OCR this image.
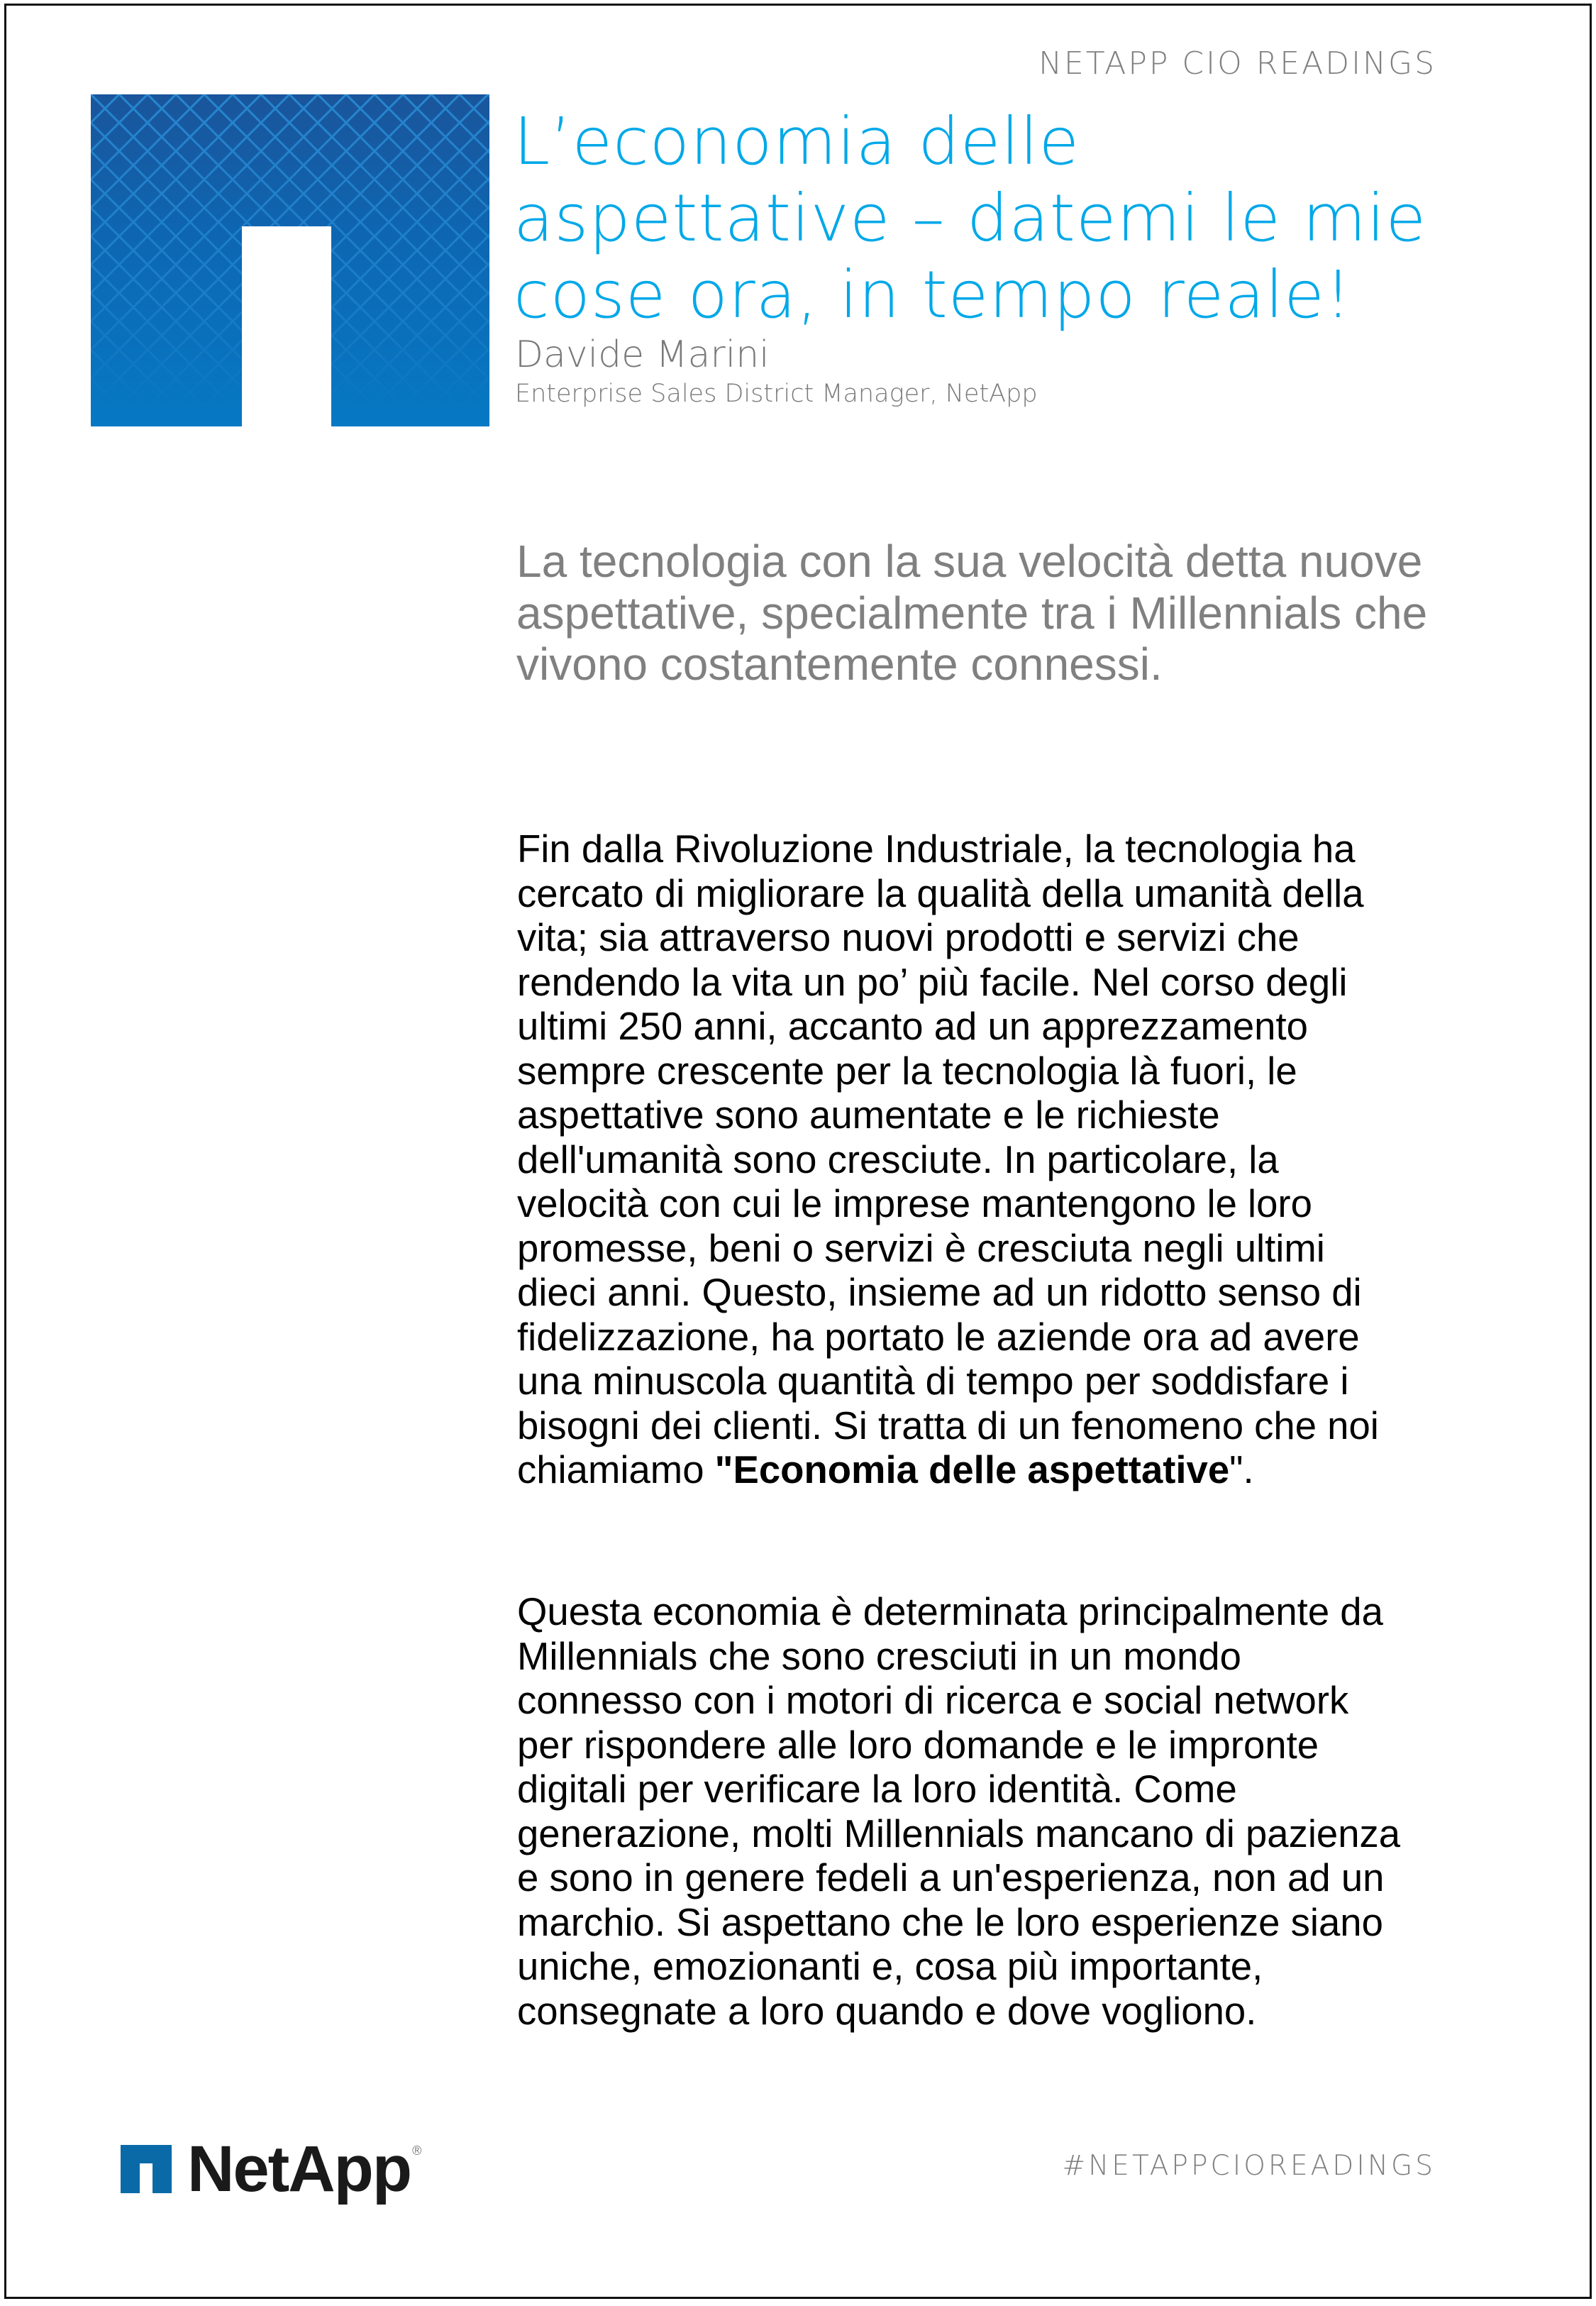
NETAPP CIO READINGS
L’economia delle
aspettative – datemi le mie
cose ora, in tempo reale!
Davide Marini
Enterprise Sales District Manager, NetApp

La tecnologia con la sua velocità detta nuove
aspettative, specialmente tra i Millennials che
vivono costantemente connessi.

Fin dalla Rivoluzione Industriale, la tecnologia ha
cercato di migliorare la qualità della umanità della
vita; sia attraverso nuovi prodotti e servizi che
rendendo la vita un po’ più facile. Nel corso degli
ultimi 250 anni, accanto ad un apprezzamento
sempre crescente per la tecnologia là fuori, le
aspettative sono aumentate e le richieste
dell'umanità sono cresciute. In particolare, la
velocità con cui le imprese mantengono le loro
promesse, beni o servizi è cresciuta negli ultimi
dieci anni. Questo, insieme ad un ridotto senso di
fidelizzazione, ha portato le aziende ora ad avere
una minuscola quantità di tempo per soddisfare i
bisogni dei clienti. Si tratta di un fenomeno che noi
chiamiamo "Economia delle aspettative".

Questa economia è determinata principalmente da
Millennials che sono cresciuti in un mondo
connesso con i motori di ricerca e social network
per rispondere alle loro domande e le impronte
digitali per verificare la loro identità. Come
generazione, molti Millennials mancano di pazienza
e sono in genere fedeli a un'esperienza, non ad un
marchio. Si aspettano che le loro esperienze siano
uniche, emozionanti e, cosa più importante,
consegnate a loro quando e dove vogliono.

NetApp ®	#NETAPPCIOREADINGS
